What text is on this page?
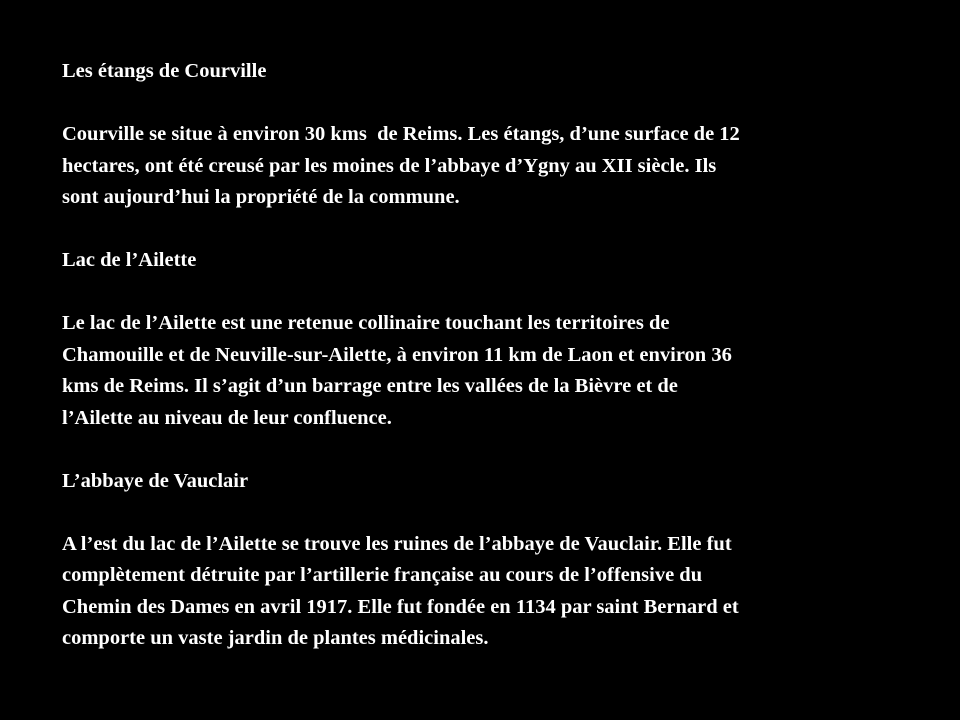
Les étangs de Courville
Courville se situe à environ 30 kms  de Reims. Les étangs, d’une surface de 12
hectares, ont été creusé par les moines de l’abbaye d’Ygny au XII siècle. Ils
sont aujourd’hui la propriété de la commune.
Lac de l’Ailette
Le lac de l’Ailette est une retenue collinaire touchant les territoires de
Chamouille et de Neuville-sur-Ailette, à environ 11 km de Laon et environ 36
kms de Reims. Il s’agit d’un barrage entre les vallées de la Bièvre et de
l’Ailette au niveau de leur confluence.
L’abbaye de Vauclair
A l’est du lac de l’Ailette se trouve les ruines de l’abbaye de Vauclair. Elle fut
complètement détruite par l’artillerie française au cours de l’offensive du
Chemin des Dames en avril 1917. Elle fut fondée en 1134 par saint Bernard et
comporte un vaste jardin de plantes médicinales.
